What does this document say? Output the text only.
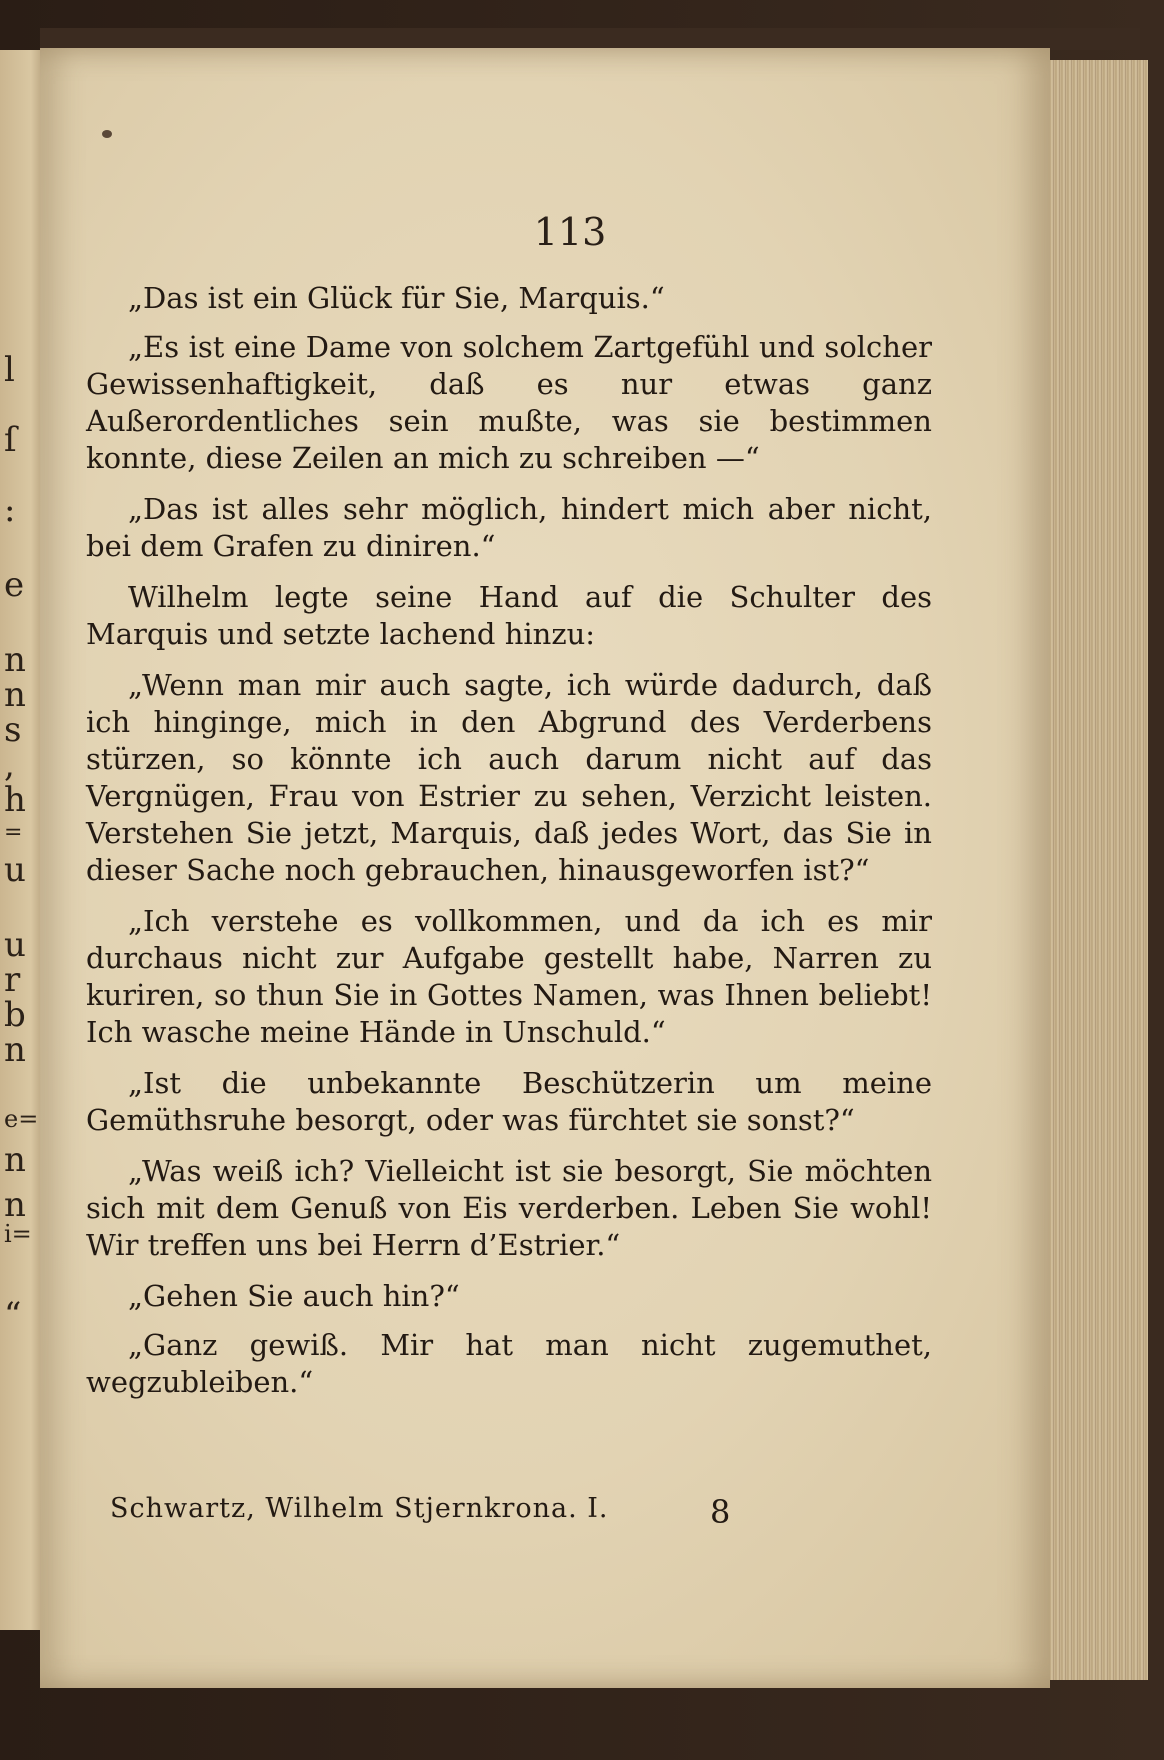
l
ſ
:
e
n
n
s
,
h
=
u
u
r
b
n
e=
n
n
i=
“
113

„Das ist ein Glück für Sie, Marquis.“

„Es ist eine Dame von solchem Zartgefühl und solcher Gewissenhaftigkeit, daß es nur etwas ganz Außerordentliches sein mußte, was sie bestimmen konnte, diese Zeilen an mich zu schreiben —“

„Das ist alles sehr möglich, hindert mich aber nicht, bei dem Grafen zu diniren.“

Wilhelm legte seine Hand auf die Schulter des Marquis und setzte lachend hinzu:

„Wenn man mir auch sagte, ich würde dadurch, daß ich hinginge, mich in den Abgrund des Verderbens stürzen, so könnte ich auch darum nicht auf das Vergnügen, Frau von Estrier zu sehen, Verzicht leisten. Verstehen Sie jetzt, Marquis, daß jedes Wort, das Sie in dieser Sache noch gebrauchen, hinausgeworfen ist?“

„Ich verstehe es vollkommen, und da ich es mir durchaus nicht zur Aufgabe gestellt habe, Narren zu kuriren, so thun Sie in Gottes Namen, was Ihnen beliebt! Ich wasche meine Hände in Unschuld.“

„Ist die unbekannte Beschützerin um meine Gemüthsruhe besorgt, oder was fürchtet sie sonst?“

„Was weiß ich? Vielleicht ist sie besorgt, Sie möchten sich mit dem Genuß von Eis verderben. Leben Sie wohl! Wir treffen uns bei Herrn d’Estrier.“

„Gehen Sie auch hin?“

„Ganz gewiß. Mir hat man nicht zugemuthet, wegzubleiben.“

Schwartz, Wilhelm Stjernkrona. I.	8
